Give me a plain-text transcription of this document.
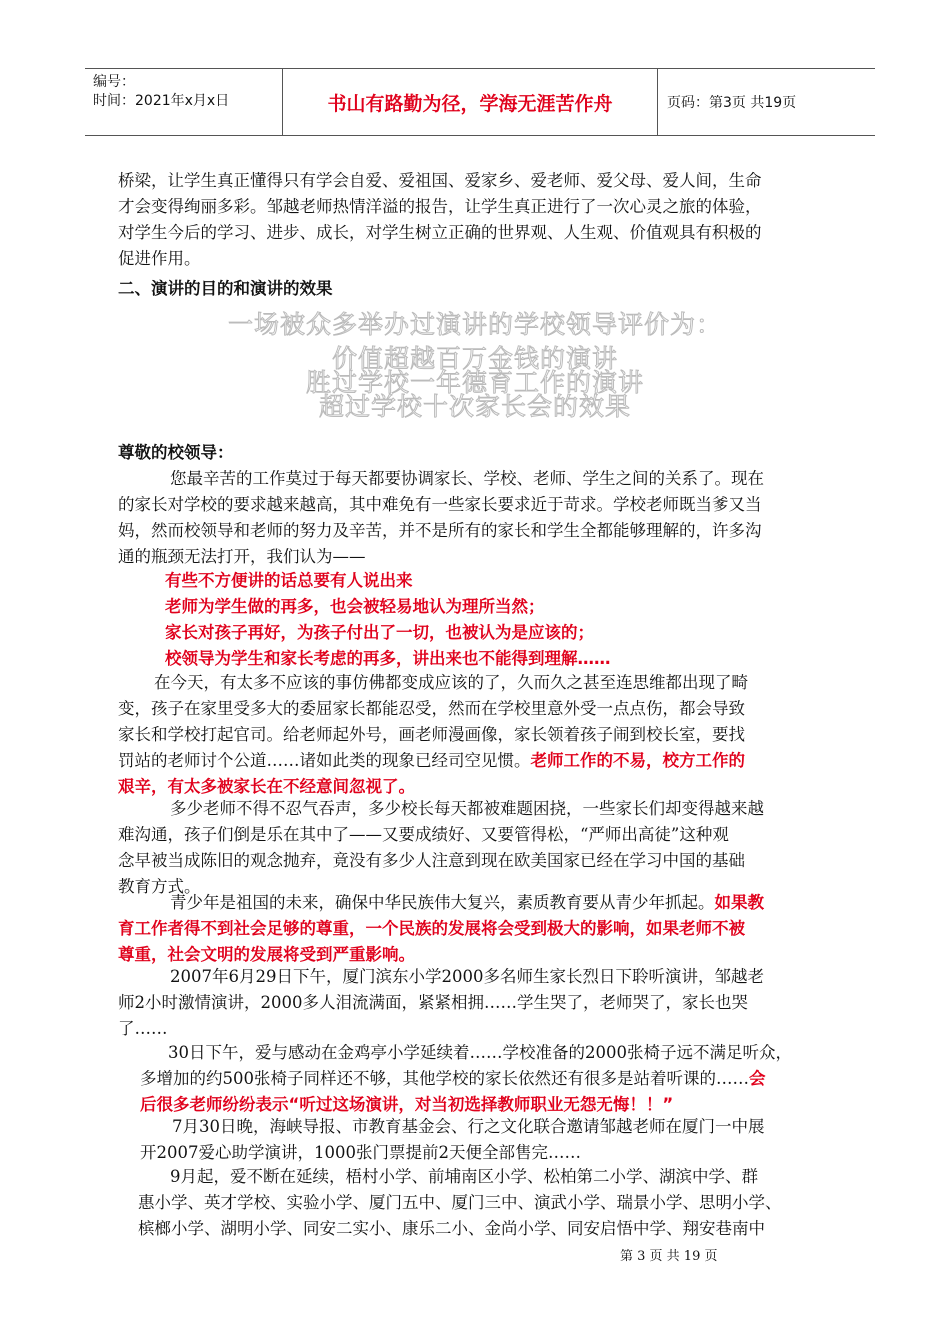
编号：
时间：2021年x月x日	书山有路勤为径，学海无涯苦作舟	页码：第3页 共19页
桥梁，让学生真正懂得只有学会自爱、爱祖国、爱家乡、爱老师、爱父母、爱人间，生命
才会变得绚丽多彩。邹越老师热情洋溢的报告，让学生真正进行了一次心灵之旅的体验，
对学生今后的学习、进步、成长，对学生树立正确的世界观、人生观、价值观具有积极的
促进作用。
二、演讲的目的和演讲的效果
一场被众多举办过演讲的学校领导评价为：
价值超越百万金钱的演讲
胜过学校一年德育工作的演讲
超过学校十次家长会的效果
尊敬的校领导：
您最辛苦的工作莫过于每天都要协调家长、学校、老师、学生之间的关系了。现在
的家长对学校的要求越来越高，其中难免有一些家长要求近于苛求。学校老师既当爹又当
妈，然而校领导和老师的努力及辛苦，并不是所有的家长和学生全都能够理解的，许多沟
通的瓶颈无法打开，我们认为——
有些不方便讲的话总要有人说出来
老师为学生做的再多，也会被轻易地认为理所当然；
家长对孩子再好，为孩子付出了一切，也被认为是应该的；
校领导为学生和家长考虑的再多，讲出来也不能得到理解……
在今天，有太多不应该的事仿佛都变成应该的了，久而久之甚至连思维都出现了畸
变，孩子在家里受多大的委屈家长都能忍受，然而在学校里意外受一点点伤，都会导致
家长和学校打起官司。给老师起外号，画老师漫画像，家长领着孩子闹到校长室，要找
罚站的老师讨个公道……诸如此类的现象已经司空见惯。老师工作的不易，校方工作的
艰辛，有太多被家长在不经意间忽视了。
多少老师不得不忍气吞声，多少校长每天都被难题困挠，一些家长们却变得越来越
难沟通，孩子们倒是乐在其中了——又要成绩好、又要管得松，“严师出高徒”这种观
念早被当成陈旧的观念抛弃，竟没有多少人注意到现在欧美国家已经在学习中国的基础
教育方式。
青少年是祖国的未来，确保中华民族伟大复兴，素质教育要从青少年抓起。如果教
育工作者得不到社会足够的尊重，一个民族的发展将会受到极大的影响，如果老师不被
尊重，社会文明的发展将受到严重影响。
2007年6月29日下午，厦门滨东小学2000多名师生家长烈日下聆听演讲，邹越老
师2小时激情演讲，2000多人泪流满面，紧紧相拥……学生哭了，老师哭了，家长也哭
了……
30日下午，爱与感动在金鸡亭小学延续着……学校准备的2000张椅子远不满足听众，
多增加的约500张椅子同样还不够，其他学校的家长依然还有很多是站着听课的……会
后很多老师纷纷表示“听过这场演讲，对当初选择教师职业无怨无悔！！”
7月30日晚，海峡导报、市教育基金会、行之文化联合邀请邹越老师在厦门一中展
开2007爱心助学演讲，1000张门票提前2天便全部售完……
9月起，爱不断在延续，梧村小学、前埔南区小学、松柏第二小学、湖滨中学、群
惠小学、英才学校、实验小学、厦门五中、厦门三中、演武小学、瑞景小学、思明小学、
槟榔小学、湖明小学、同安二实小、康乐二小、金尚小学、同安启悟中学、翔安巷南中
第 3 页 共 19 页
